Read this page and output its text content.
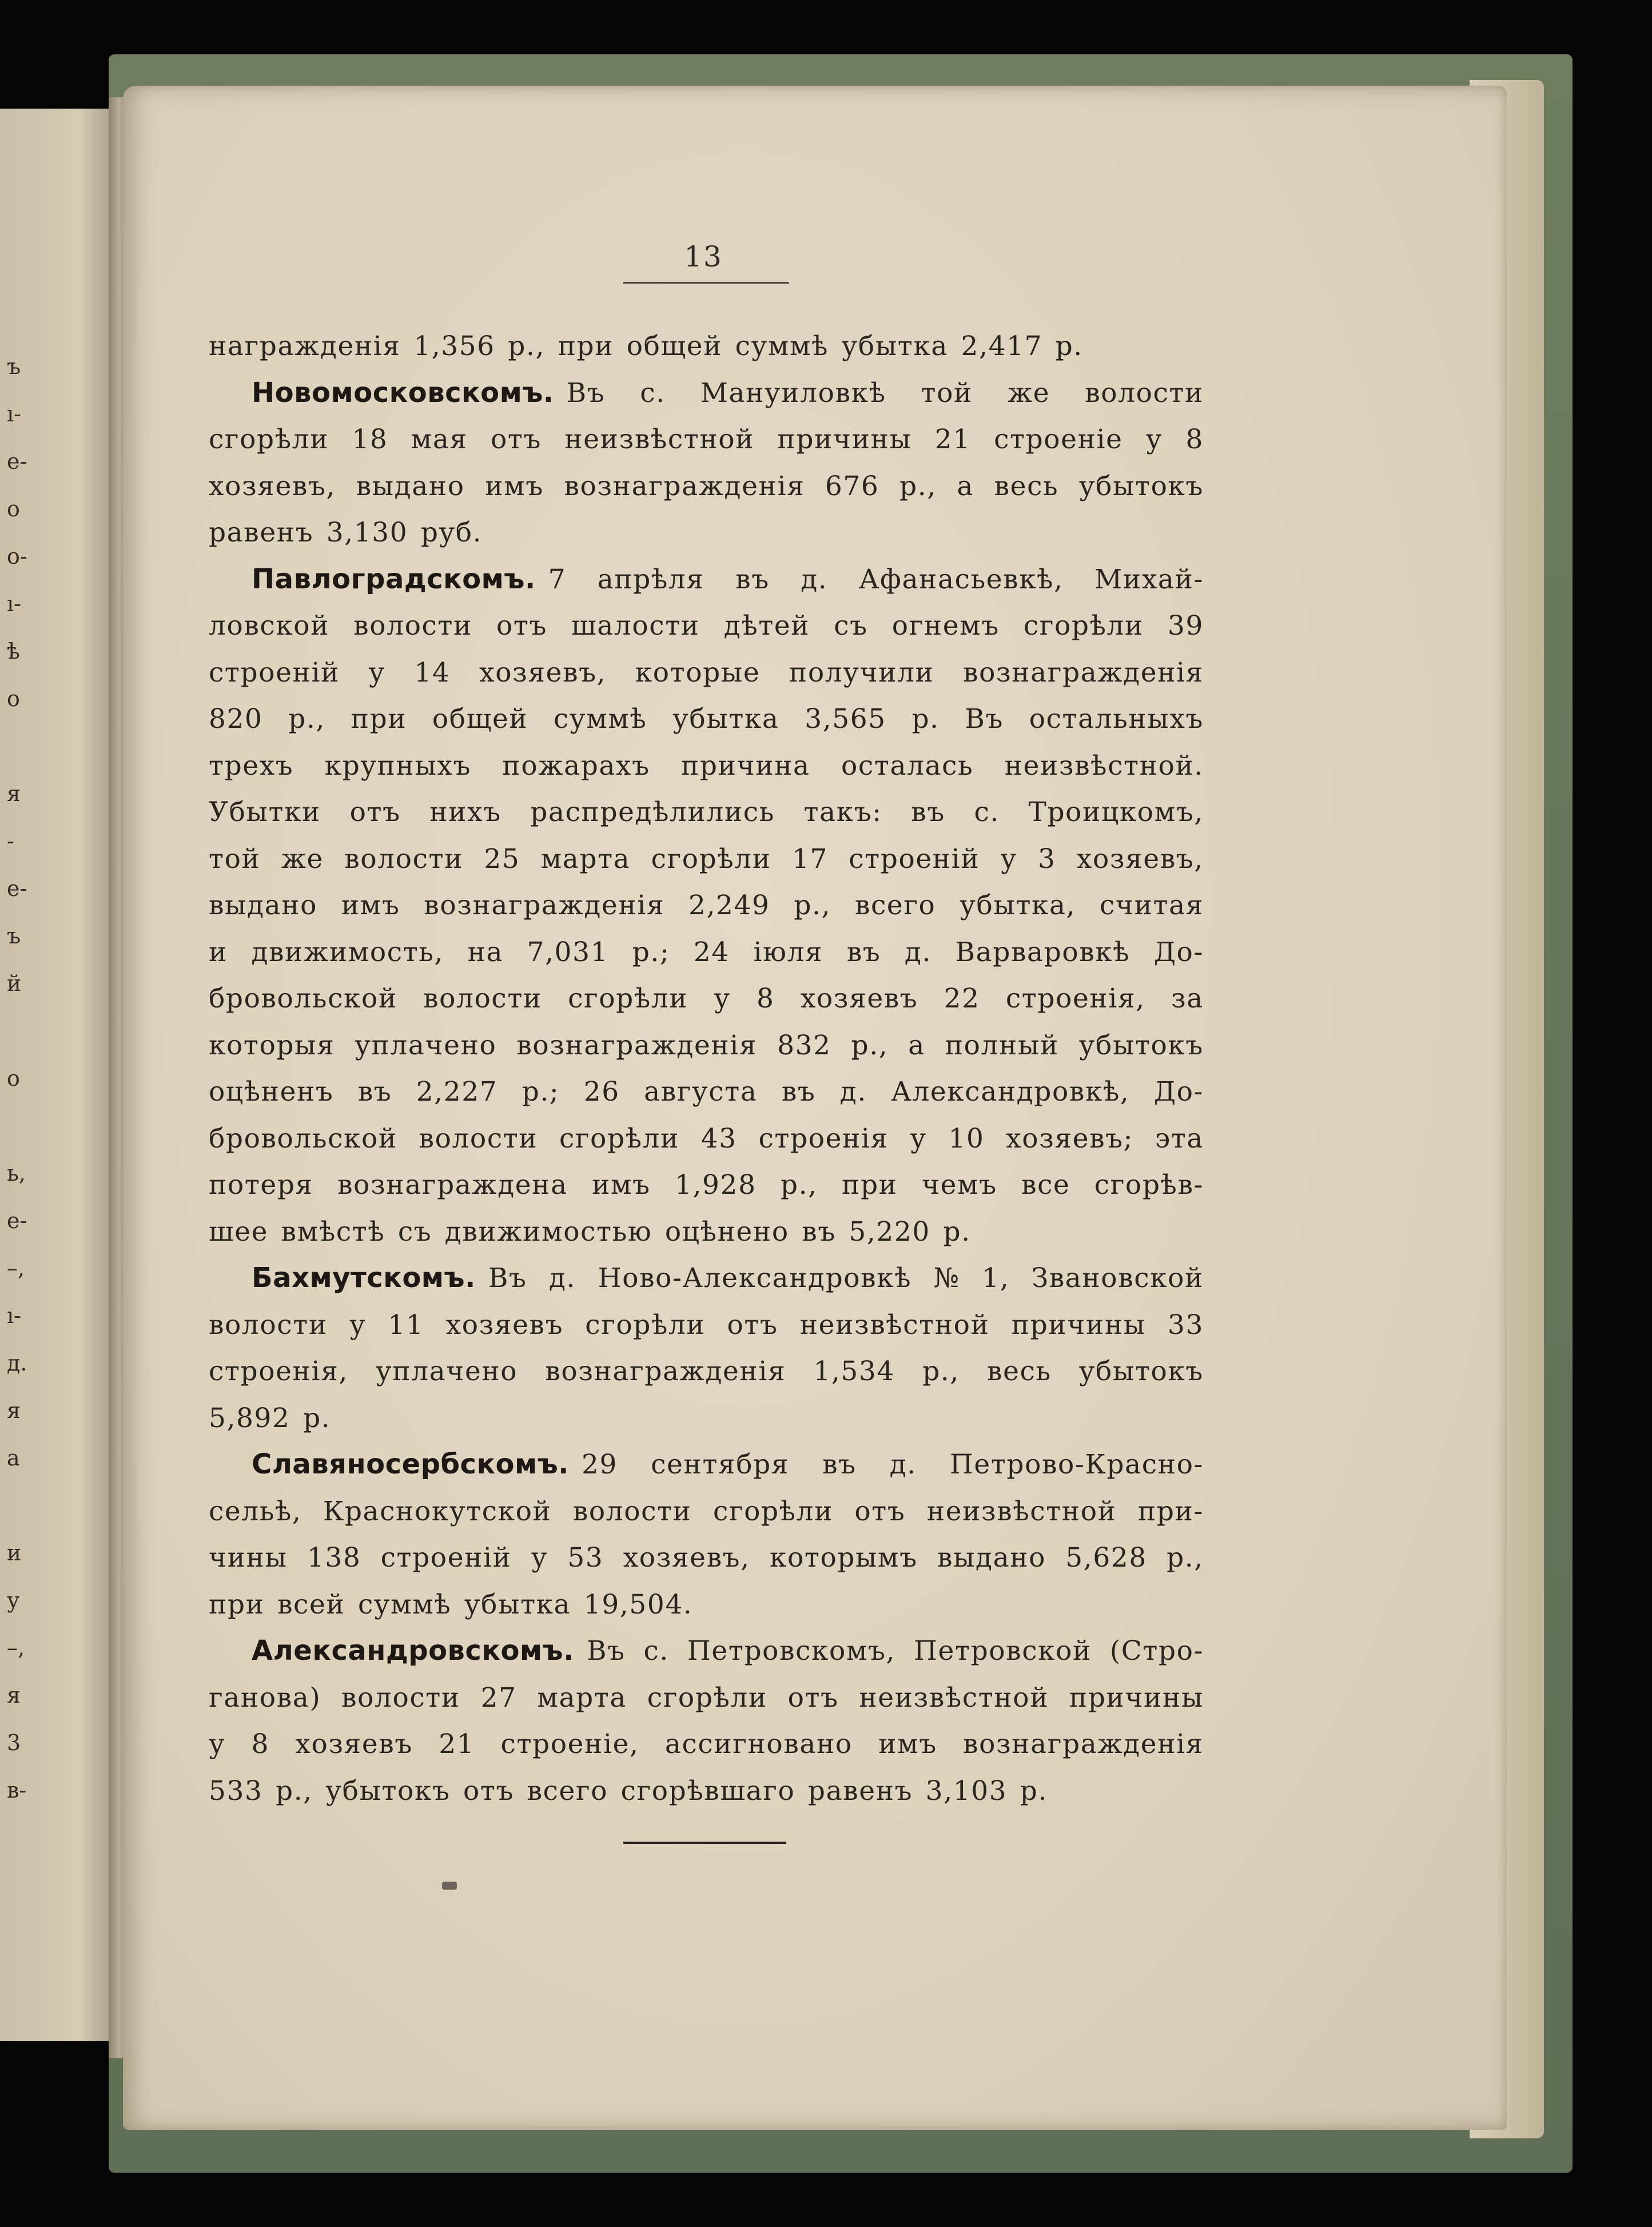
ъ
ı-
e-
o
o-
ı-
ѣ
o
я
-
e-
ъ
й
o
ь,
e-
–,
ı-
д.
я
а
и
у
–,
я
3
в-
13
награжденія 1,356 р., при общей суммѣ убытка 2,417 р.
Новомосковскомъ. Въ с. Мануиловкѣ той же волости
сгорѣли 18 мая отъ неизвѣстной причины 21 строеніе у 8
хозяевъ, выдано имъ вознагражденія 676 р., а весь убытокъ
равенъ 3,130 руб.
Павлоградскомъ. 7 апрѣля въ д. Афанасьевкѣ, Михай-
ловской волости отъ шалости дѣтей съ огнемъ сгорѣли 39
строеній у 14 хозяевъ, которые получили вознагражденія
820 р., при общей суммѣ убытка 3,565 р. Въ остальныхъ
трехъ крупныхъ пожарахъ причина осталась неизвѣстной.
Убытки отъ нихъ распредѣлились такъ: въ с. Троицкомъ,
той же волости 25 марта сгорѣли 17 строеній у 3 хозяевъ,
выдано имъ вознагражденія 2,249 р., всего убытка, считая
и движимость, на 7,031 р.; 24 іюля въ д. Варваровкѣ До-
бровольской волости сгорѣли у 8 хозяевъ 22 строенія, за
которыя уплачено вознагражденія 832 р., а полный убытокъ
оцѣненъ въ 2,227 р.; 26 августа въ д. Александровкѣ, До-
бровольской волости сгорѣли 43 строенія у 10 хозяевъ; эта
потеря вознаграждена имъ 1,928 р., при чемъ все сгорѣв-
шее вмѣстѣ съ движимостью оцѣнено въ 5,220 р.
Бахмутскомъ. Въ д. Ново-Александровкѣ № 1, Звановской
волости у 11 хозяевъ сгорѣли отъ неизвѣстной причины 33
строенія, уплачено вознагражденія 1,534 р., весь убытокъ
5,892 р.
Славяносербскомъ. 29 сентября въ д. Петрово-Красно-
сельѣ, Краснокутской волости сгорѣли отъ неизвѣстной при-
чины 138 строеній у 53 хозяевъ, которымъ выдано 5,628 р.,
при всей суммѣ убытка 19,504.
Александровскомъ. Въ с. Петровскомъ, Петровской (Стро-
ганова) волости 27 марта сгорѣли отъ неизвѣстной причины
у 8 хозяевъ 21 строеніе, ассигновано имъ вознагражденія
533 р., убытокъ отъ всего сгорѣвшаго равенъ 3,103 р.
